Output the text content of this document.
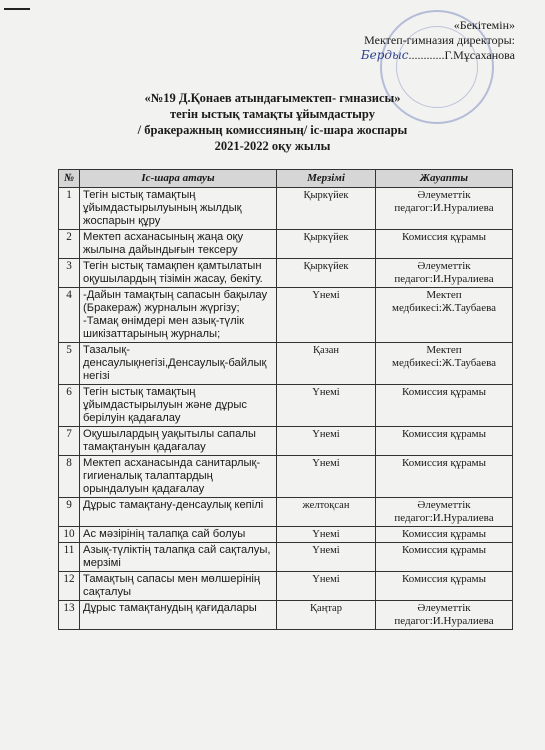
«Бекітемін»
Мектеп-гимназия директоры:
Бердыс............Г.Мұсаханова
«№19 Д.Қонаев атындағымектеп- гмназисы»
тегін ыстық тамақты ұйымдастыру
/ бракеражның комиссияның/ іс-шара жоспары
2021-2022 оқу жылы
№	Іс-шара атауы	Мерзімі	Жауапты
1	Тегін ыстық тамақтың ұйымдастырылуының жылдық жоспарын құру	Қыркүйек	Әлеуметтік педагог:И.Нуралиева
2	Мектеп асханасының жаңа оқу жылына дайындығын тексеру	Қыркүйек	Комиссия құрамы
3	Тегін ыстық тамақпен қамтылатын оқушылардың тізімін жасау, бекіту.	Қыркүйек	Әлеуметтік педагог:И.Нуралиева
4	-Дайын тамақтың сапасын бақылау (Бракераж) журналын жүргізу;
-Тамақ өнімдері мен азық-түлік шикізаттарының журналы;	Үнемі	Мектеп медбикесі:Ж.Таубаева
5	Тазалық-денсаулықнегізі,Денсаулық-байлық негізі	Қазан	Мектеп медбикесі:Ж.Таубаева
6	Тегін ыстық тамақтың ұйымдастырылуын және дұрыс берілуін қадағалау	Үнемі	Комиссия құрамы
7	Оқушылардың уақытылы сапалы тамақтануын қадағалау	Үнемі	Комиссия құрамы
8	Мектеп асханасында санитарлық- гигиеналық талаптардың орындалуын қадағалау	Үнемі	Комиссия құрамы
9	Дұрыс тамақтану-денсаулық кепілі	желтоқсан	Әлеуметтік педагог:И.Нуралиева
10	Ас мәзірінің талапқа сай болуы	Үнемі	Комиссия құрамы
11	Азық-түліктің талапқа сай сақталуы, мерзімі	Үнемі	Комиссия құрамы
12	Тамақтың сапасы мен мөлшерінің сақталуы	Үнемі	Комиссия құрамы
13	Дұрыс тамақтанудың қағидалары	Қаңтар	Әлеуметтік педагог:И.Нуралиева
